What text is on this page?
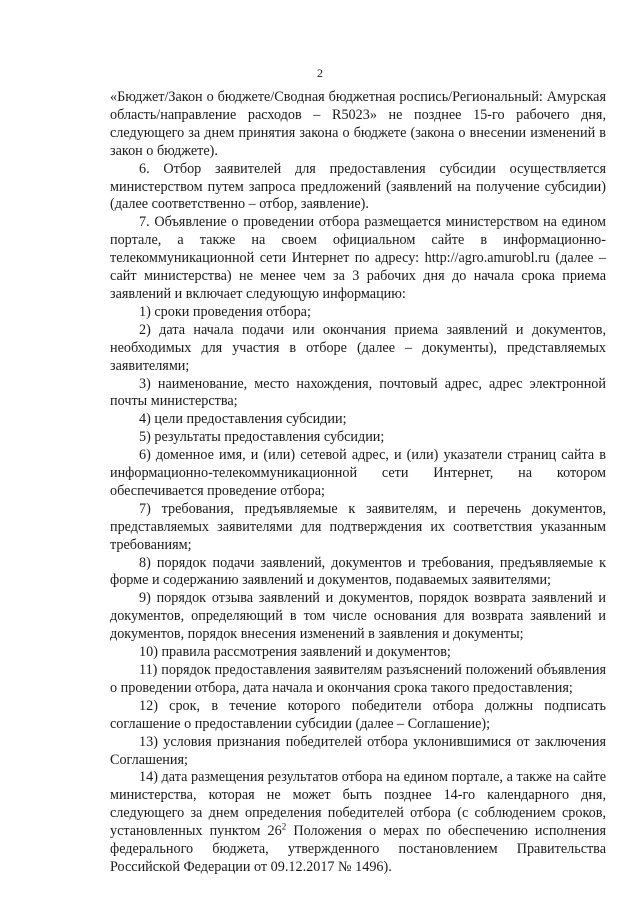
2

«Бюджет/Закон о бюджете/Сводная бюджетная роспись/Региональный: Амурская область/направление расходов – R5023» не позднее 15-го рабочего дня, следующего за днем принятия закона о бюджете (закона о внесении изменений в закон о бюджете).

6. Отбор заявителей для предоставления субсидии осуществляется министерством путем запроса предложений (заявлений на получение субсидии) (далее соответственно – отбор, заявление).

7. Объявление о проведении отбора размещается министерством на едином портале, а также на своем официальном сайте в информационно-телекоммуникационной сети Интернет по адресу: http://agro.amurobl.ru (далее – сайт министерства) не менее чем за 3 рабочих дня до начала срока приема заявлений и включает следующую информацию:

1) сроки проведения отбора;

2) дата начала подачи или окончания приема заявлений и документов, необходимых для участия в отборе (далее – документы), представляемых заявителями;

3) наименование, место нахождения, почтовый адрес, адрес электронной почты министерства;

4) цели предоставления субсидии;

5) результаты предоставления субсидии;

6) доменное имя, и (или) сетевой адрес, и (или) указатели страниц сайта в информационно-телекоммуникационной сети Интернет, на котором обеспечивается проведение отбора;

7) требования, предъявляемые к заявителям, и перечень документов, представляемых заявителями для подтверждения их соответствия указанным требованиям;

8) порядок подачи заявлений, документов и требования, предъявляемые к форме и содержанию заявлений и документов, подаваемых заявителями;

9) порядок отзыва заявлений и документов, порядок возврата заявлений и документов, определяющий в том числе основания для возврата заявлений и документов, порядок внесения изменений в заявления и документы;

10) правила рассмотрения заявлений и документов;

11) порядок предоставления заявителям разъяснений положений объявления о проведении отбора, дата начала и окончания срока такого предоставления;

12) срок, в течение которого победители отбора должны подписать соглашение о предоставлении субсидии (далее – Соглашение);

13) условия признания победителей отбора уклонившимися от заключения Соглашения;

14) дата размещения результатов отбора на едином портале, а также на сайте министерства, которая не может быть позднее 14-го календарного дня, следующего за днем определения победителей отбора (с соблюдением сроков, установленных пунктом $26^2$ Положения о мерах по обеспечению исполнения федерального бюджета, утвержденного постановлением Правительства Российской Федерации от 09.12.2017 № 1496).
